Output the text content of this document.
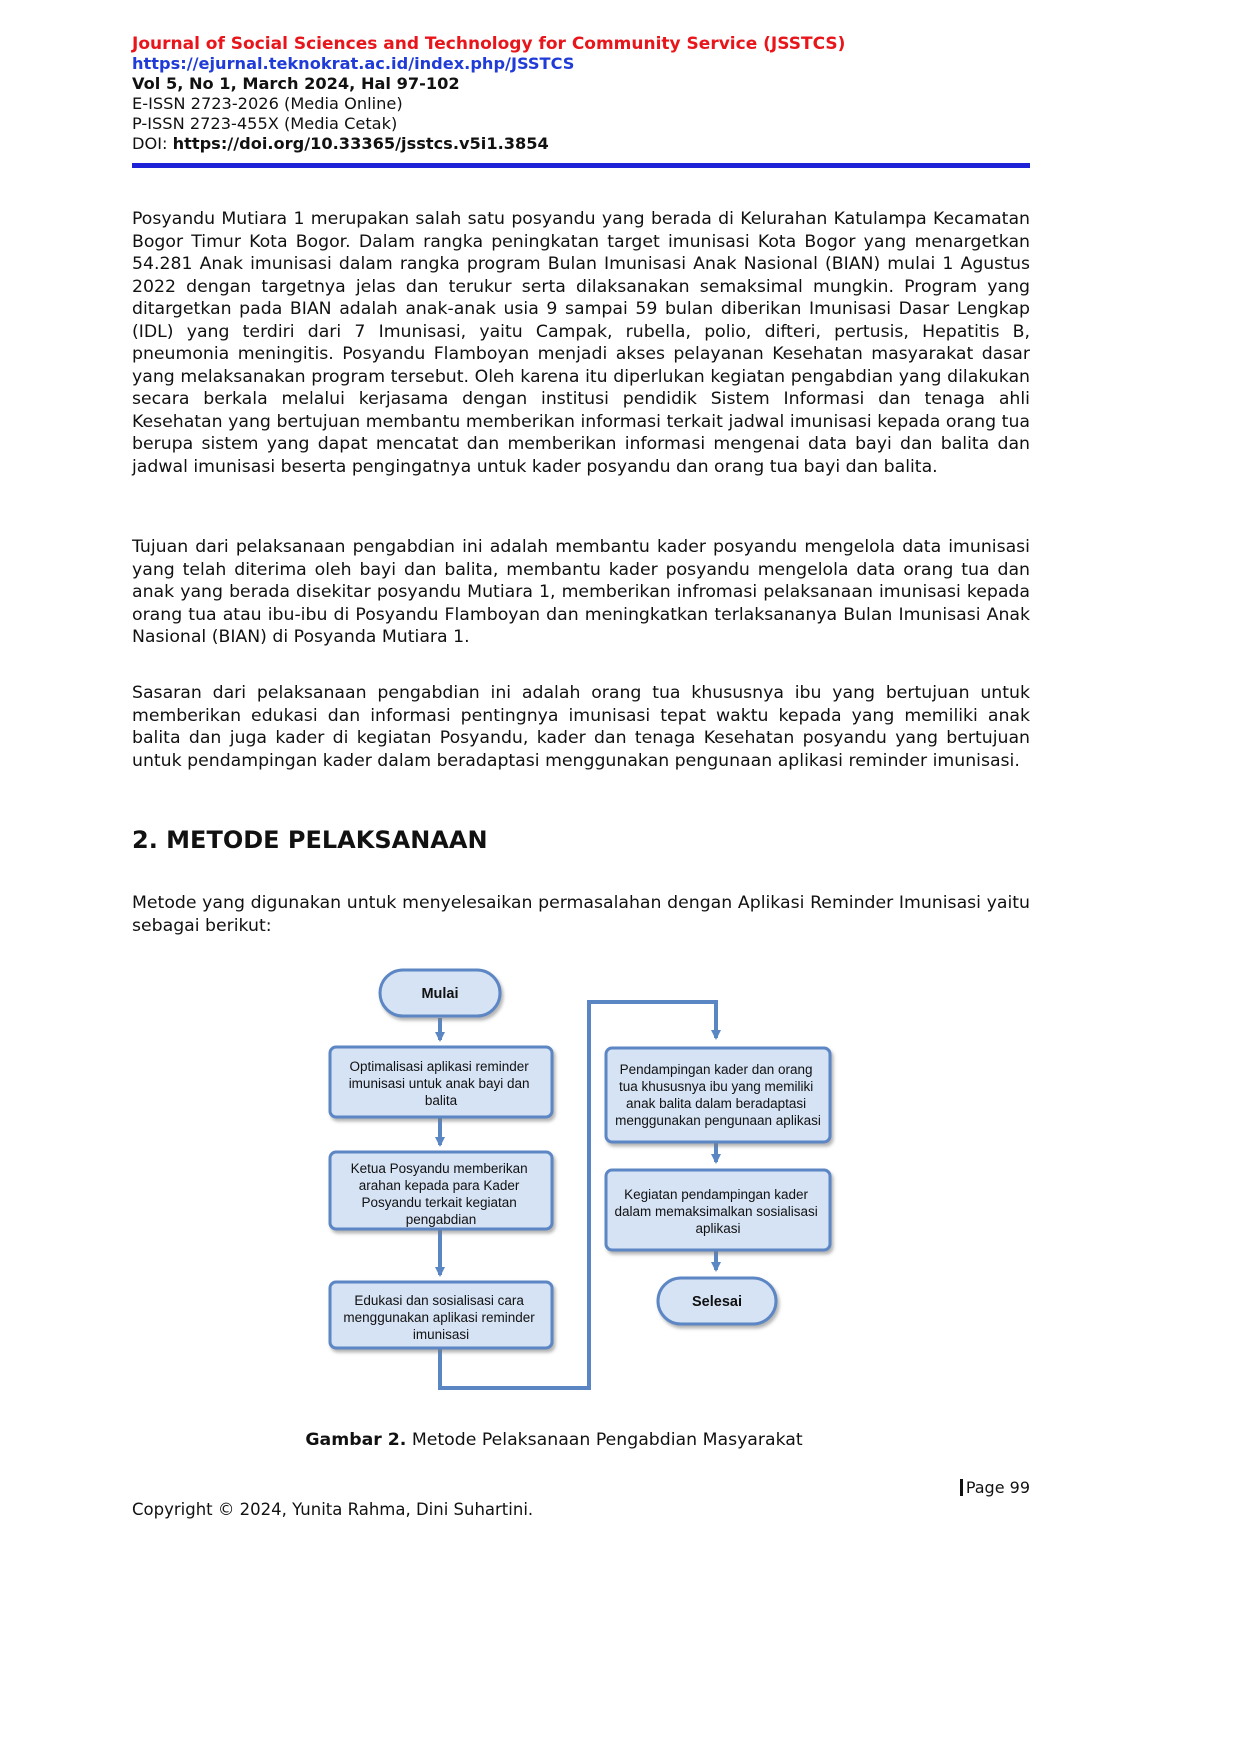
Journal of Social Sciences and Technology for Community Service (JSSTCS)
https://ejurnal.teknokrat.ac.id/index.php/JSSTCS
Vol 5, No 1, March 2024, Hal 97-102
E-ISSN 2723-2026 (Media Online)
P-ISSN 2723-455X (Media Cetak)
DOI: https://doi.org/10.33365/jsstcs.v5i1.3854

Posyandu Mutiara 1 merupakan salah satu posyandu yang berada di Kelurahan Katulampa Kecamatan Bogor Timur Kota Bogor. Dalam rangka peningkatan target imunisasi Kota Bogor yang menargetkan 54.281 Anak imunisasi dalam rangka program Bulan Imunisasi Anak Nasional (BIAN) mulai 1 Agustus 2022 dengan targetnya jelas dan terukur serta dilaksanakan semaksimal mungkin. Program yang ditargetkan pada BIAN adalah anak-anak usia 9 sampai 59 bulan diberikan Imunisasi Dasar Lengkap (IDL) yang terdiri dari 7 Imunisasi, yaitu Campak, rubella, polio, difteri, pertusis, Hepatitis B, pneumonia meningitis. Posyandu Flamboyan menjadi akses pelayanan Kesehatan masyarakat dasar yang melaksanakan program tersebut. Oleh karena itu diperlukan kegiatan pengabdian yang dilakukan secara berkala melalui kerjasama dengan institusi pendidik Sistem Informasi dan tenaga ahli Kesehatan yang bertujuan membantu memberikan informasi terkait jadwal imunisasi kepada orang tua berupa sistem yang dapat mencatat dan memberikan informasi mengenai data bayi dan balita dan jadwal imunisasi beserta pengingatnya untuk kader posyandu dan orang tua bayi dan balita.

Tujuan dari pelaksanaan pengabdian ini adalah membantu kader posyandu mengelola data imunisasi yang telah diterima oleh bayi dan balita, membantu kader posyandu mengelola data orang tua dan anak yang berada disekitar posyandu Mutiara 1, memberikan infromasi pelaksanaan imunisasi kepada orang tua atau ibu-ibu di Posyandu Flamboyan dan meningkatkan terlaksananya Bulan Imunisasi Anak Nasional (BIAN) di Posyanda Mutiara 1.

Sasaran dari pelaksanaan pengabdian ini adalah orang tua khususnya ibu yang bertujuan untuk memberikan edukasi dan informasi pentingnya imunisasi tepat waktu kepada yang memiliki anak balita dan juga kader di kegiatan Posyandu, kader dan tenaga Kesehatan posyandu yang bertujuan untuk pendampingan kader dalam beradaptasi menggunakan pengunaan aplikasi reminder imunisasi.

2. METODE PELAKSANAAN

Metode yang digunakan untuk menyelesaikan permasalahan dengan Aplikasi Reminder Imunisasi yaitu sebagai berikut:

Mulai
Optimalisasi aplikasi reminder imunisasi untuk anak bayi dan balita
Ketua Posyandu memberikan arahan kepada para Kader Posyandu terkait kegiatan pengabdian
Edukasi dan sosialisasi cara menggunakan aplikasi reminder imunisasi
Pendampingan kader dan orang tua khususnya ibu yang memiliki anak balita dalam beradaptasi menggunakan pengunaan aplikasi
Kegiatan pendampingan kader dalam memaksimalkan sosialisasi aplikasi
Selesai
Gambar 2. Metode Pelaksanaan Pengabdian Masyarakat
Page 99
Copyright © 2024, Yunita Rahma, Dini Suhartini.
